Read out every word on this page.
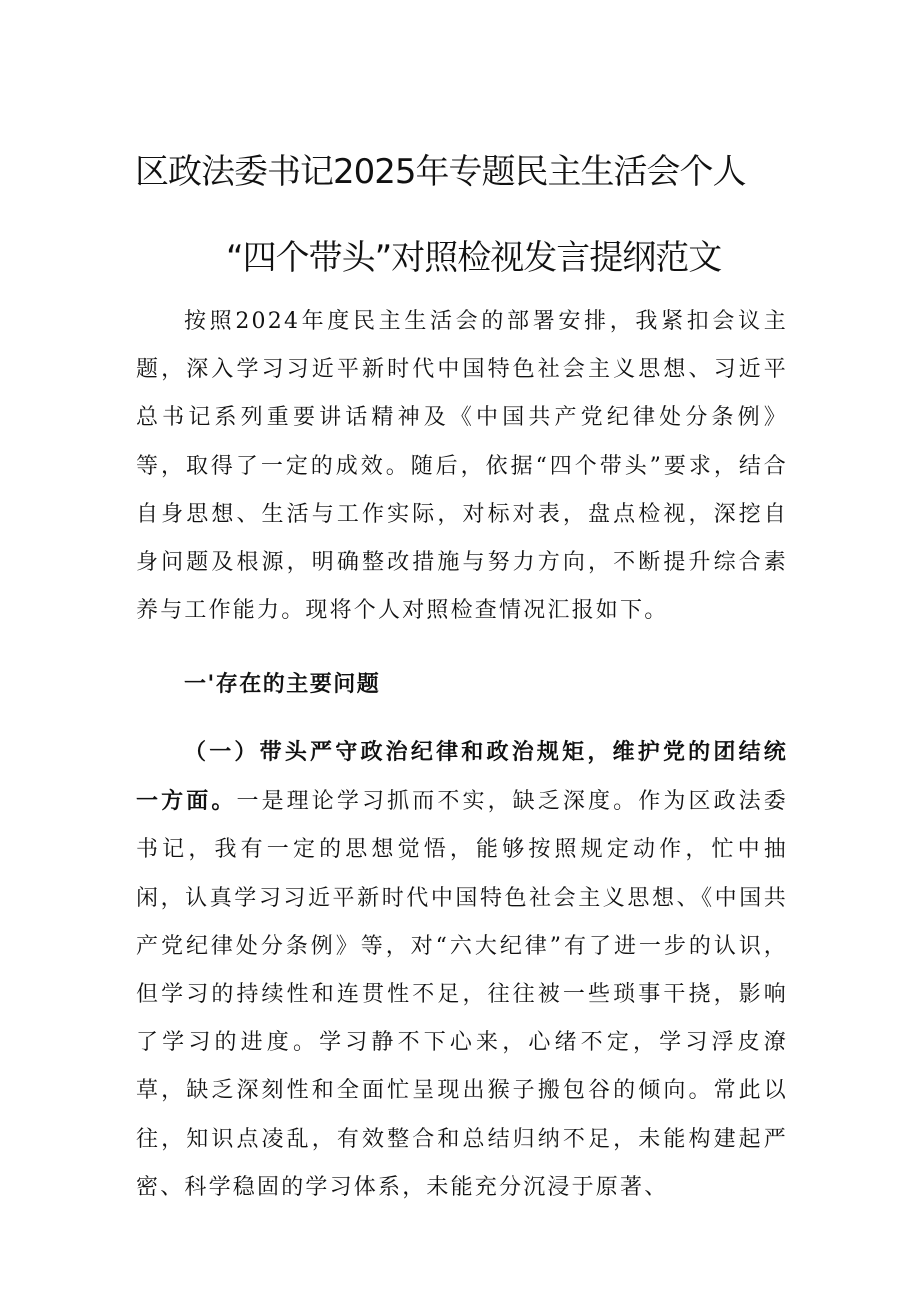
区政法委书记2025年专题民主生活会个人
“四个带头”对照检视发言提纲范文

按照2024年度民主生活会的部署安排，我紧扣会议主题，深入学习习近平新时代中国特色社会主义思想、习近平总书记系列重要讲话精神及《中国共产党纪律处分条例》等，取得了一定的成效。随后，依据“四个带头”要求，结合自身思想、生活与工作实际，对标对表，盘点检视，深挖自身问题及根源，明确整改措施与努力方向，不断提升综合素养与工作能力。现将个人对照检查情况汇报如下。

一'存在的主要问题

（一）带头严守政治纪律和政治规矩，维护党的团结统一方面。一是理论学习抓而不实，缺乏深度。作为区政法委书记，我有一定的思想觉悟，能够按照规定动作，忙中抽闲，认真学习习近平新时代中国特色社会主义思想、《中国共产党纪律处分条例》等，对“六大纪律”有了进一步的认识，但学习的持续性和连贯性不足，往往被一些琐事干挠，影响了学习的进度。学习静不下心来，心绪不定，学习浮皮潦草，缺乏深刻性和全面忙呈现出猴子搬包谷的倾向。常此以往，知识点凌乱，有效整合和总结归纳不足，未能构建起严密、科学稳固的学习体系，未能充分沉浸于原著、
